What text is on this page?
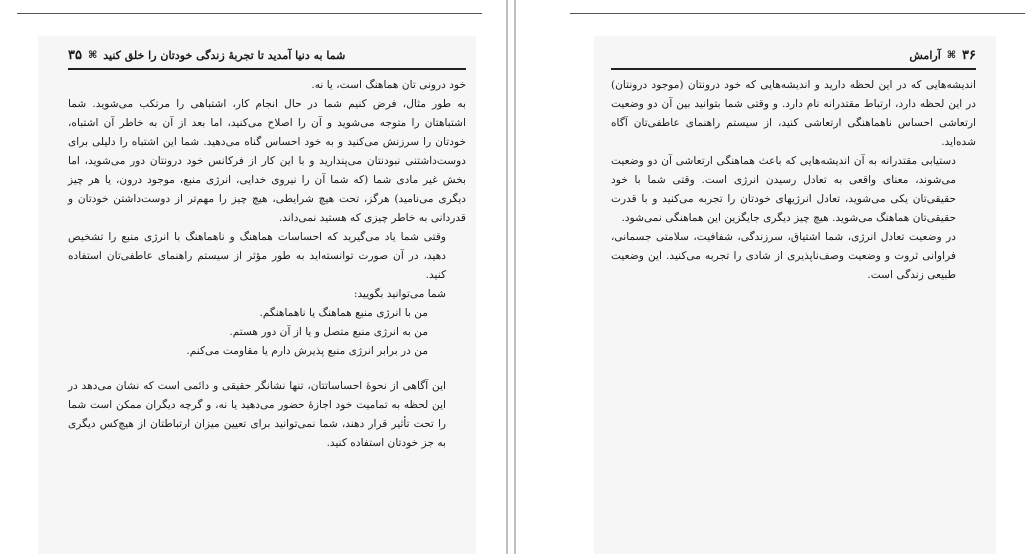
شما به دنیا آمدید تا تجربهٔ زندگی خودتان را خلق کنید
⌘
۳۵

خود درونی تان هماهنگ است، یا نه.

به طور مثال، فرض کنیم شما در حال انجام کار، اشتباهی را مرتکب می‌شوید. شما اشتباهتان را متوجه می‌شوید و آن را اصلاح می‌کنید، اما بعد از آن به خاطر آن اشتباه، خودتان را سرزنش می‌کنید و به خود احساس گناه می‌دهید. شما این اشتباه را دلیلی برای دوست‌داشتنی نبودنتان می‌پندارید و با این کار از فرکانس خود درونتان دور می‌شوید، اما بخش غیر مادی شما (که شما آن را نیروی خدایی، انرژی منبع، موجود درون، یا هر چیز دیگری می‌نامید) هرگز، تحت هیچ شرایطی، هیچ چیز را مهم‌تر از دوست‌داشتن خودتان و قدردانی به خاطر چیزی که هستید نمی‌داند.

وقتی شما یاد می‌گیرید که احساسات هماهنگ و ناهماهنگ با انرژی منبع را تشخیص دهید، در آن صورت توانسته‌اید به طور مؤثر از سیستم راهنمای عاطفی‌تان استفاده کنید.

شما می‌توانید بگویید:

من با انرژی منبع هماهنگ یا ناهماهنگم.

من به انرژی منبع متصل و یا از آن دور هستم.

من در برابر انرژی منبع پذیرش دارم یا مقاومت می‌کنم.

این آگاهی از نحوهٔ احساساتتان، تنها نشانگر حقیقی و دائمی است که نشان می‌دهد در این لحظه به تمامیت خود اجازهٔ حضور می‌دهید یا نه، و گرچه دیگران ممکن است شما را تحت تأثیر قرار دهند، شما نمی‌توانید برای تعیین میزان ارتباطتان از هیچ‌کس دیگری به جز خودتان استفاده کنید.

۳۶
⌘
آرامش

اندیشه‌هایی که در این لحظه دارید و اندیشه‌هایی که خود درونتان (موجود درونتان) در این لحظه دارد، ارتباط مقتدرانه نام دارد. و وقتی شما بتوانید بین آن دو وضعیت ارتعاشی احساس ناهماهنگی ارتعاشی کنید، از سیستم راهنمای عاطفی‌تان آگاه شده‌اید.

دستیابی مقتدرانه به آن اندیشه‌هایی که باعث هماهنگی ارتعاشی آن دو وضعیت می‌شوند، معنای واقعی به تعادل رسیدن انرژی است. وقتی شما با خود حقیقی‌تان یکی می‌شوید، تعادل انرژیهای خودتان را تجربه می‌کنید و با قدرت حقیقی‌تان هماهنگ می‌شوید. هیچ چیز دیگری جایگزین این هماهنگی نمی‌شود.

در وضعیت تعادل انرژی، شما اشتیاق، سرزندگی، شفافیت، سلامتی جسمانی، فراوانی ثروت و وضعیت وصف‌ناپذیری از شادی را تجربه می‌کنید. این وضعیت طبیعی زندگی است.
